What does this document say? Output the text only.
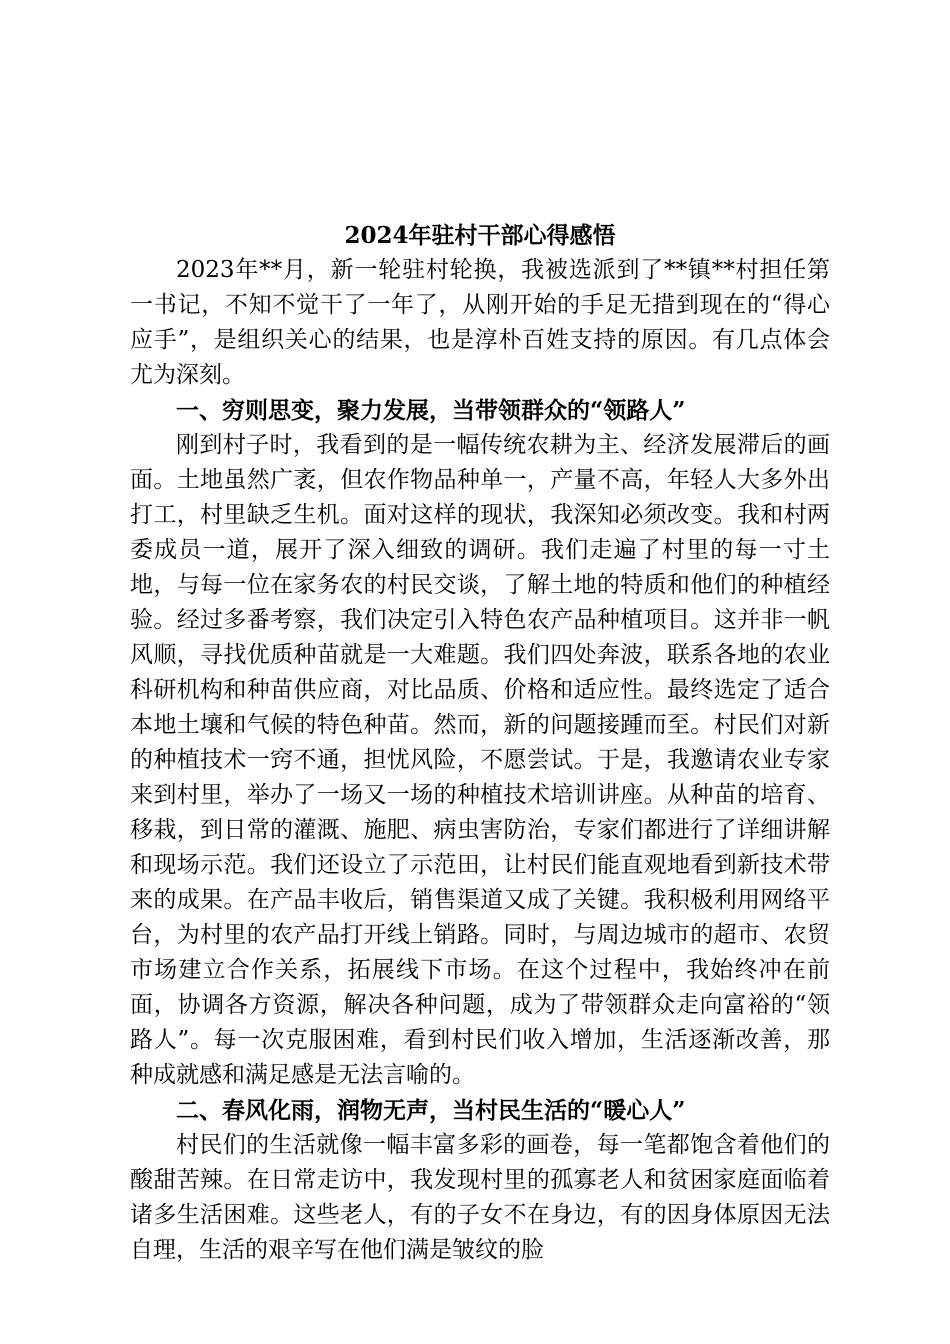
2024年驻村干部心得感悟

2023年**月，新一轮驻村轮换，我被选派到了**镇**村担任第一书记，不知不觉干了一年了，从刚开始的手足无措到现在的“得心应手”，是组织关心的结果，也是淳朴百姓支持的原因。有几点体会尤为深刻。

一、穷则思变，聚力发展，当带领群众的“领路人”

刚到村子时，我看到的是一幅传统农耕为主、经济发展滞后的画面。土地虽然广袤，但农作物品种单一，产量不高，年轻人大多外出打工，村里缺乏生机。面对这样的现状，我深知必须改变。我和村两委成员一道，展开了深入细致的调研。我们走遍了村里的每一寸土地，与每一位在家务农的村民交谈，了解土地的特质和他们的种植经验。经过多番考察，我们决定引入特色农产品种植项目。这并非一帆风顺，寻找优质种苗就是一大难题。我们四处奔波，联系各地的农业科研机构和种苗供应商，对比品质、价格和适应性。最终选定了适合本地土壤和气候的特色种苗。然而，新的问题接踵而至。村民们对新的种植技术一窍不通，担忧风险，不愿尝试。于是，我邀请农业专家来到村里，举办了一场又一场的种植技术培训讲座。从种苗的培育、移栽，到日常的灌溉、施肥、病虫害防治，专家们都进行了详细讲解和现场示范。我们还设立了示范田，让村民们能直观地看到新技术带来的成果。在产品丰收后，销售渠道又成了关键。我积极利用网络平台，为村里的农产品打开线上销路。同时，与周边城市的超市、农贸市场建立合作关系，拓展线下市场。在这个过程中，我始终冲在前面，协调各方资源，解决各种问题，成为了带领群众走向富裕的“领路人”。每一次克服困难，看到村民们收入增加，生活逐渐改善，那种成就感和满足感是无法言喻的。

二、春风化雨，润物无声，当村民生活的“暖心人”

村民们的生活就像一幅丰富多彩的画卷，每一笔都饱含着他们的酸甜苦辣。在日常走访中，我发现村里的孤寡老人和贫困家庭面临着诸多生活困难。这些老人，有的子女不在身边，有的因身体原因无法自理，生活的艰辛写在他们满是皱纹的脸
